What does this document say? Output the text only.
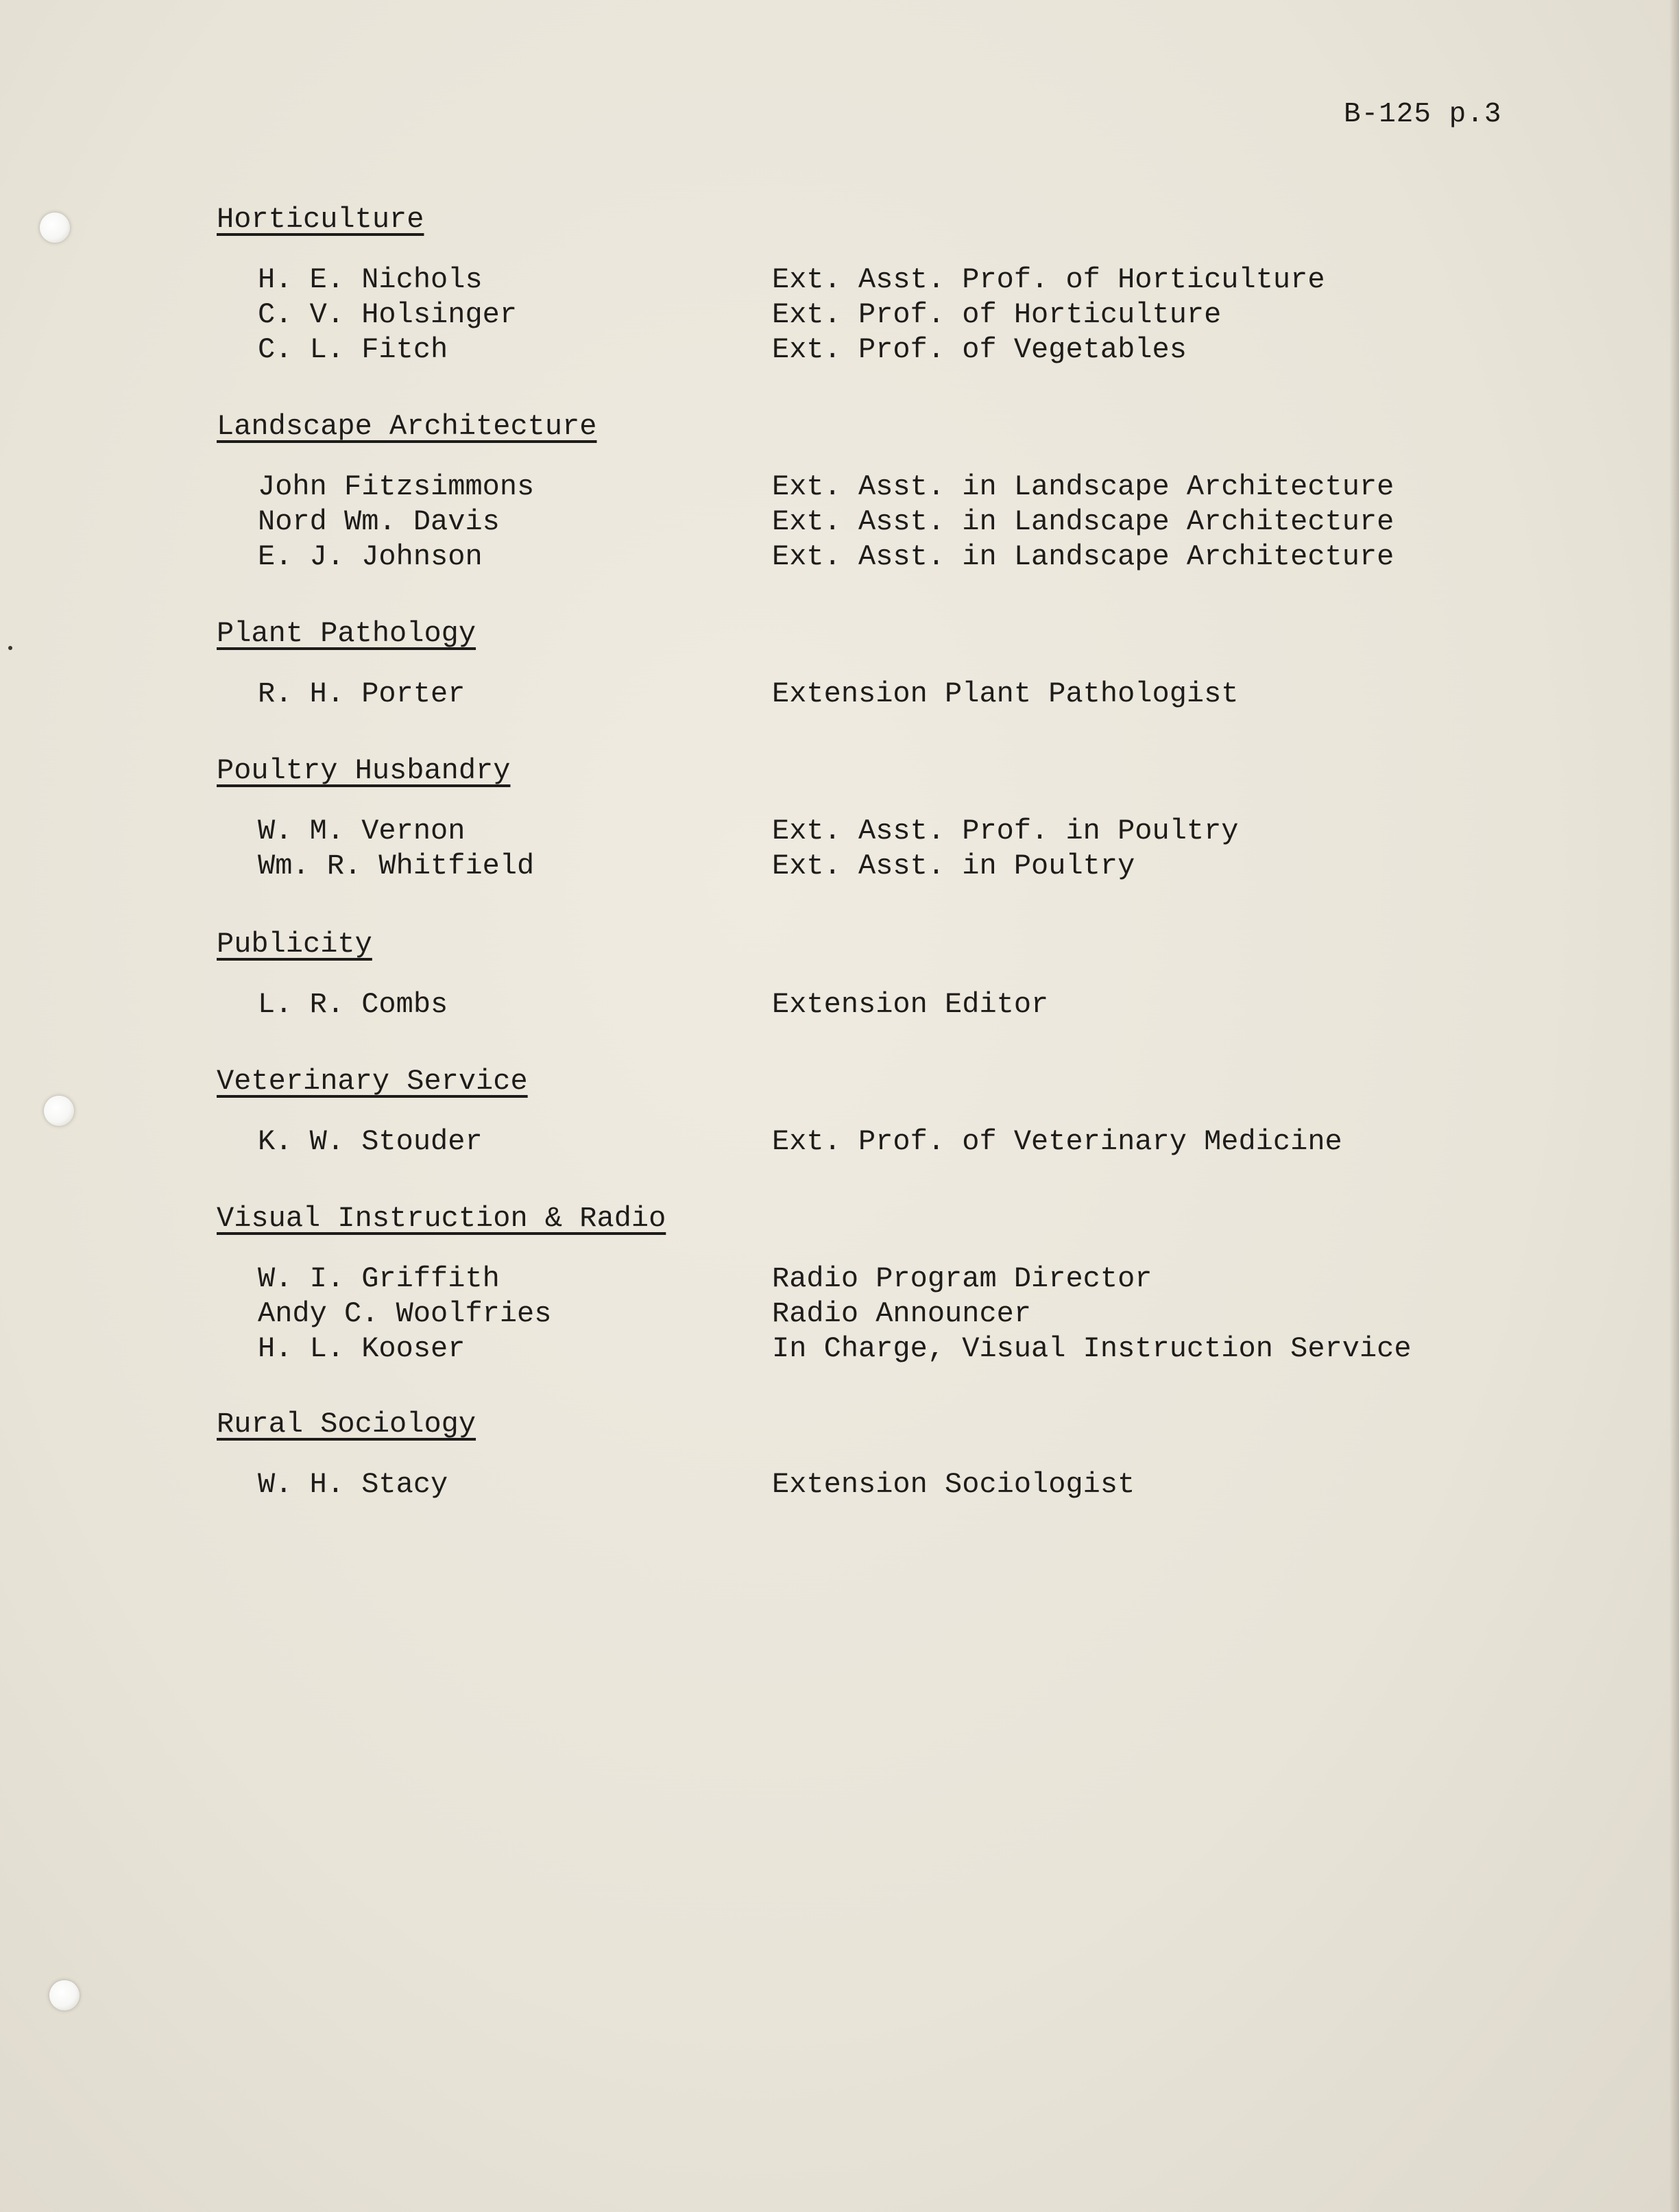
B-125 p.3

Horticulture

H. E. Nichols	Ext. Asst. Prof. of Horticulture
C. V. Holsinger	Ext. Prof. of Horticulture
C. L. Fitch	Ext. Prof. of Vegetables

Landscape Architecture

John Fitzsimmons	Ext. Asst. in Landscape Architecture
Nord Wm. Davis	Ext. Asst. in Landscape Architecture
E. J. Johnson	Ext. Asst. in Landscape Architecture

Plant Pathology

R. H. Porter	Extension Plant Pathologist

Poultry Husbandry

W. M. Vernon	Ext. Asst. Prof. in Poultry
Wm. R. Whitfield	Ext. Asst. in Poultry

Publicity

L. R. Combs	Extension Editor

Veterinary Service

K. W. Stouder	Ext. Prof. of Veterinary Medicine

Visual Instruction & Radio

W. I. Griffith	Radio Program Director
Andy C. Woolfries	Radio Announcer
H. L. Kooser	In Charge, Visual Instruction Service

Rural Sociology

W. H. Stacy	Extension Sociologist
